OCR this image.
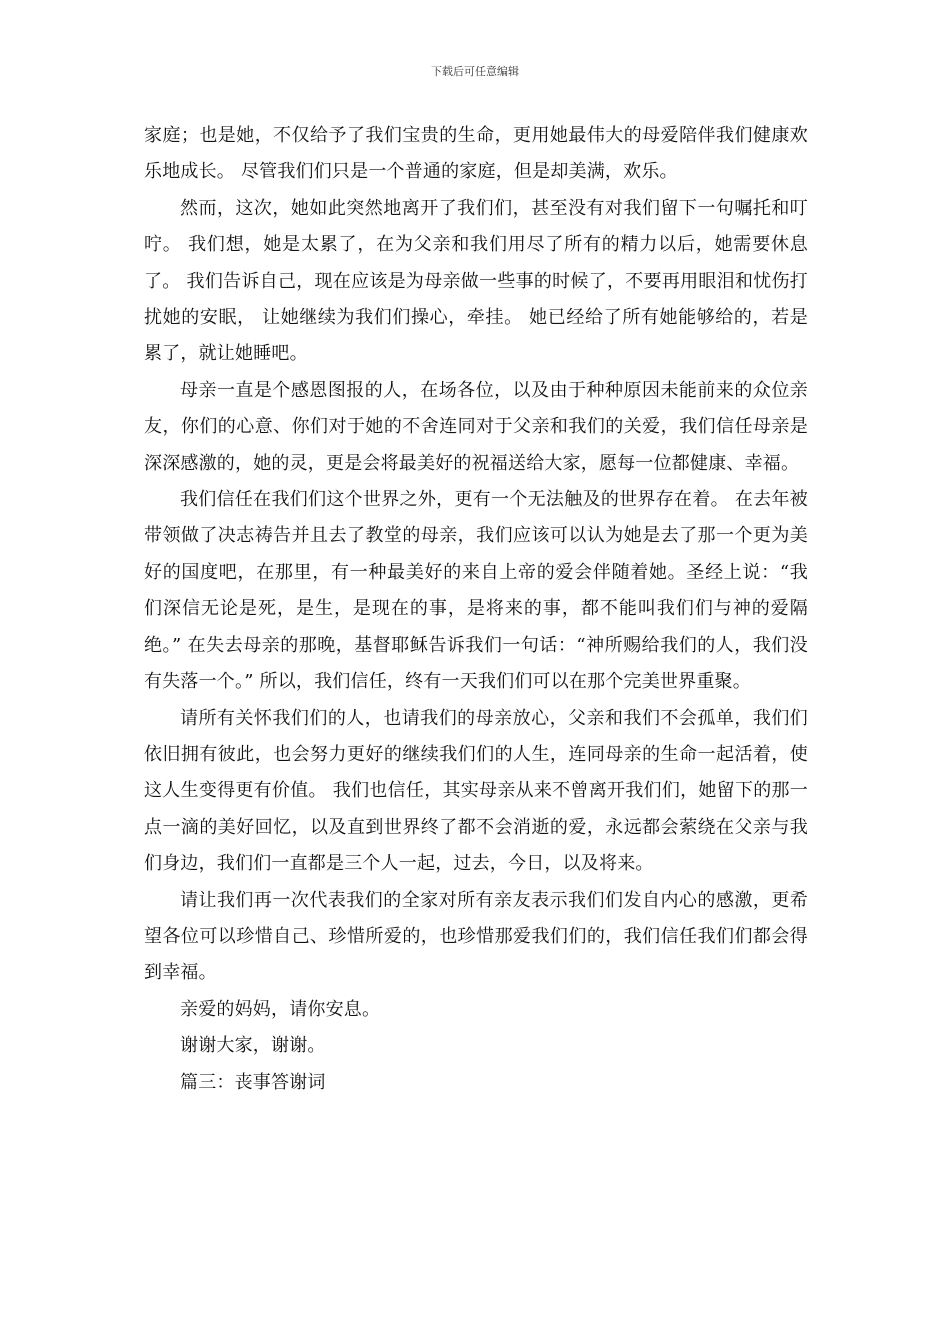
下载后可任意编辑

家庭；也是她，不仅给予了我们宝贵的生命，更用她最伟大的母爱陪伴我们健康欢乐地成长。 尽管我们们只是一个普通的家庭，但是却美满，欢乐。

然而，这次，她如此突然地离开了我们们，甚至没有对我们留下一句嘱托和叮咛。 我们想，她是太累了，在为父亲和我们用尽了所有的精力以后，她需要休息了。 我们告诉自己，现在应该是为母亲做一些事的时候了，不要再用眼泪和忧伤打扰她的安眠， 让她继续为我们们操心，牵挂。 她已经给了所有她能够给的，若是累了，就让她睡吧。

母亲一直是个感恩图报的人，在场各位，以及由于种种原因未能前来的众位亲友，你们的心意、你们对于她的不舍连同对于父亲和我们的关爱，我们信任母亲是深深感激的，她的灵，更是会将最美好的祝福送给大家，愿每一位都健康、幸福。

我们信任在我们们这个世界之外，更有一个无法触及的世界存在着。 在去年被带领做了决志祷告并且去了教堂的母亲，我们应该可以认为她是去了那一个更为美好的国度吧，在那里，有一种最美好的来自上帝的爱会伴随着她。圣经上说：“我们深信无论是死，是生，是现在的事，是将来的事，都不能叫我们们与神的爱隔绝。” 在失去母亲的那晚，基督耶稣告诉我们一句话：“神所赐给我们的人，我们没有失落一个。” 所以，我们信任，终有一天我们们可以在那个完美世界重聚。

请所有关怀我们们的人，也请我们的母亲放心，父亲和我们不会孤单，我们们依旧拥有彼此，也会努力更好的继续我们们的人生，连同母亲的生命一起活着，使这人生变得更有价值。 我们也信任，其实母亲从来不曾离开我们们，她留下的那一点一滴的美好回忆，以及直到世界终了都不会消逝的爱，永远都会萦绕在父亲与我们身边，我们们一直都是三个人一起，过去，今日，以及将来。

请让我们再一次代表我们的全家对所有亲友表示我们们发自内心的感激，更希望各位可以珍惜自己、珍惜所爱的，也珍惜那爱我们们的，我们信任我们们都会得到幸福。

亲爱的妈妈，请你安息。

谢谢大家，谢谢。

篇三：丧事答谢词
